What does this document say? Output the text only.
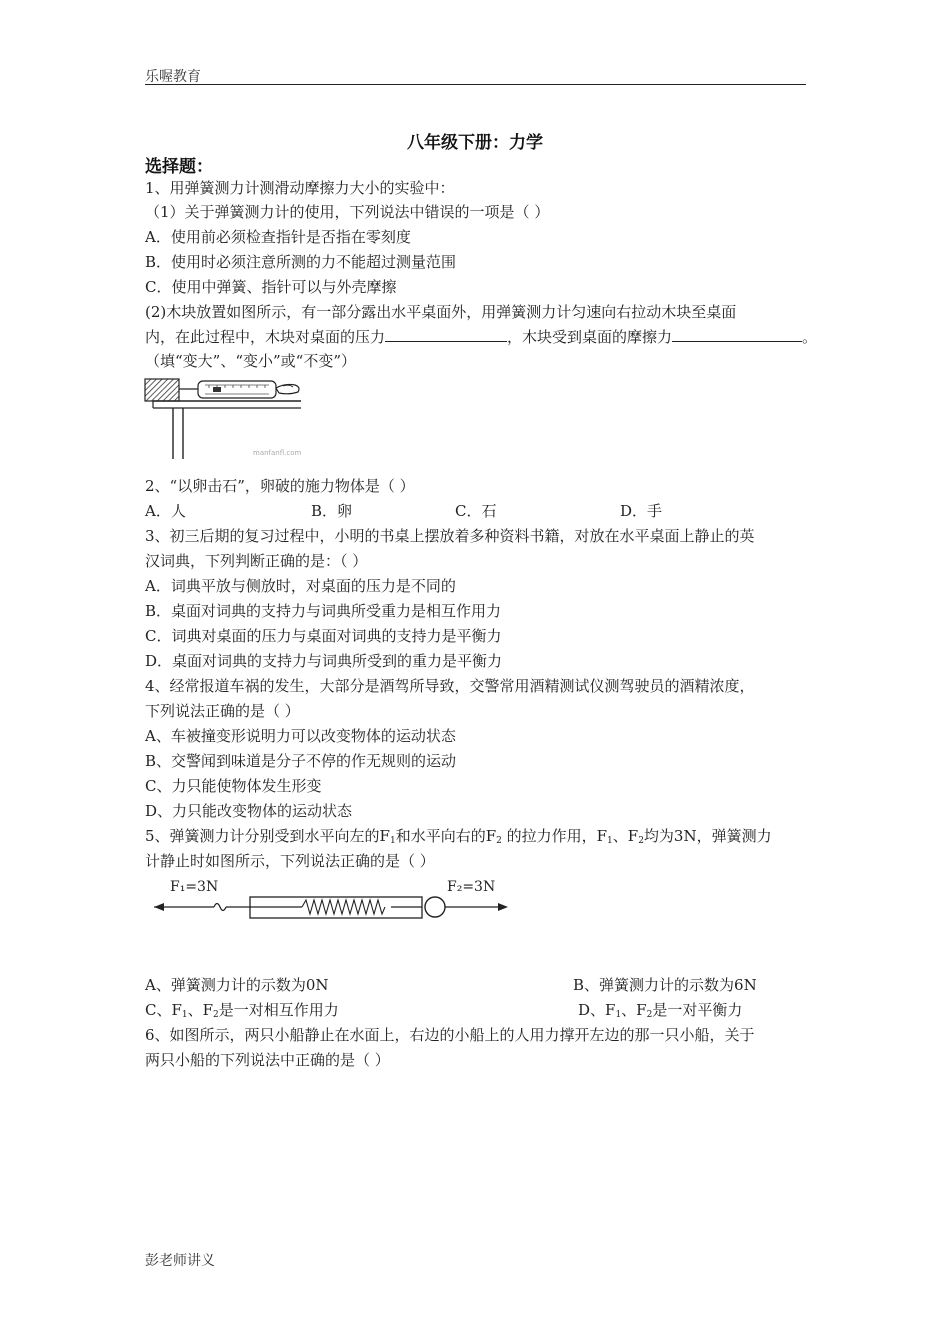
乐喔教育
八年级下册：力学
选择题：
1、用弹簧测力计测滑动摩擦力大小的实验中：
（1）关于弹簧测力计的使用，下列说法中错误的一项是（ ）
A．使用前必须检查指针是否指在零刻度
B．使用时必须注意所测的力不能超过测量范围
C．使用中弹簧、指针可以与外壳摩擦
(2)木块放置如图所示，有一部分露出水平桌面外，用弹簧测力计匀速向右拉动木块至桌面
内，在此过程中，木块对桌面的压力	，木块受到桌面的摩擦力	。
（填“变大”、“变小”或“不变”）
manfanfl.com
2、“以卵击石”，卵破的施力物体是（ ）
A．人	B．卵	C．石	D．手
3、初三后期的复习过程中，小明的书桌上摆放着多种资料书籍，对放在水平桌面上静止的英
汉词典，下列判断正确的是：（ ）
A．词典平放与侧放时，对桌面的压力是不同的
B．桌面对词典的支持力与词典所受重力是相互作用力
C．词典对桌面的压力与桌面对词典的支持力是平衡力
D．桌面对词典的支持力与词典所受到的重力是平衡力
4、经常报道车祸的发生，大部分是酒驾所导致，交警常用酒精测试仪测驾驶员的酒精浓度，
下列说法正确的是（ ）
A、车被撞变形说明力可以改变物体的运动状态
B、交警闻到味道是分子不停的作无规则的运动
C、力只能使物体发生形变
D、力只能改变物体的运动状态
5、弹簧测力计分别受到水平向左的$F_1$和水平向右的$F_2$ 的拉力作用，$F_1$、$F_2$均为3N，弹簧测力
计静止时如图所示，下列说法正确的是（ ）
F₁=3N	F₂=3N
A、弹簧测力计的示数为0N	B、弹簧测力计的示数为6N
C、$F_1$、$F_2$是一对相互作用力	D、$F_1$、$F_2$是一对平衡力
6、如图所示，两只小船静止在水面上，右边的小船上的人用力撑开左边的那一只小船，关于
两只小船的下列说法中正确的是（ ）
彭老师讲义
